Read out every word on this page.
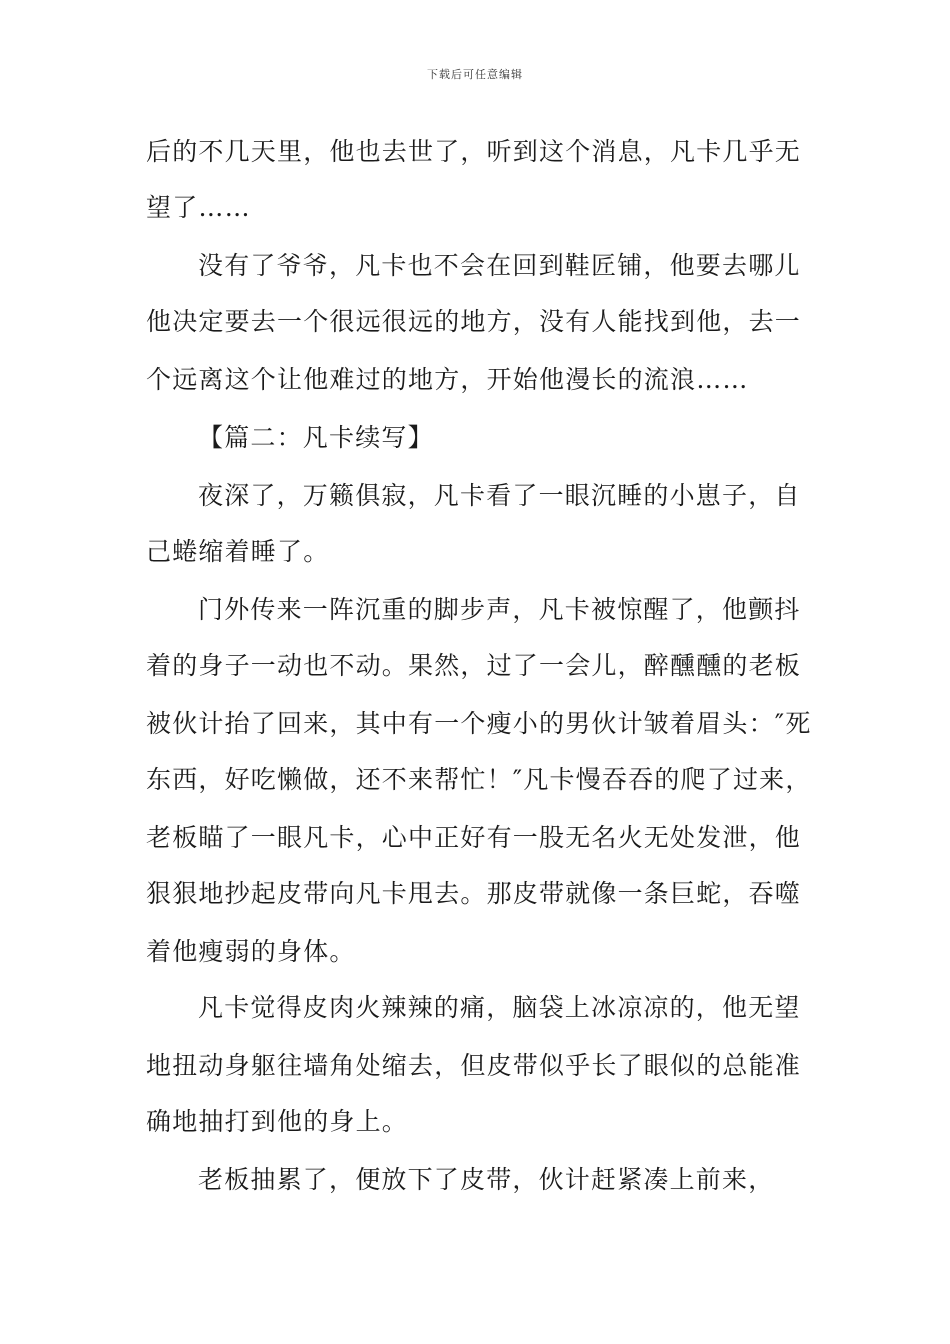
下载后可任意编辑
后的不几天里，他也去世了，听到这个消息，凡卡几乎无
望了……
没有了爷爷，凡卡也不会在回到鞋匠铺，他要去哪儿
他决定要去一个很远很远的地方，没有人能找到他，去一
个远离这个让他难过的地方，开始他漫长的流浪……
【篇二：凡卡续写】
夜深了，万籁俱寂，凡卡看了一眼沉睡的小崽子，自
己蜷缩着睡了。
门外传来一阵沉重的脚步声，凡卡被惊醒了，他颤抖
着的身子一动也不动。果然，过了一会儿，醉醺醺的老板
被伙计抬了回来，其中有一个瘦小的男伙计皱着眉头：″死
东西，好吃懒做，还不来帮忙！″凡卡慢吞吞的爬了过来，
老板瞄了一眼凡卡，心中正好有一股无名火无处发泄，他
狠狠地抄起皮带向凡卡甩去。那皮带就像一条巨蛇，吞噬
着他瘦弱的身体。
凡卡觉得皮肉火辣辣的痛，脑袋上冰凉凉的，他无望
地扭动身躯往墙角处缩去，但皮带似乎长了眼似的总能准
确地抽打到他的身上。
老板抽累了，便放下了皮带，伙计赶紧凑上前来，
